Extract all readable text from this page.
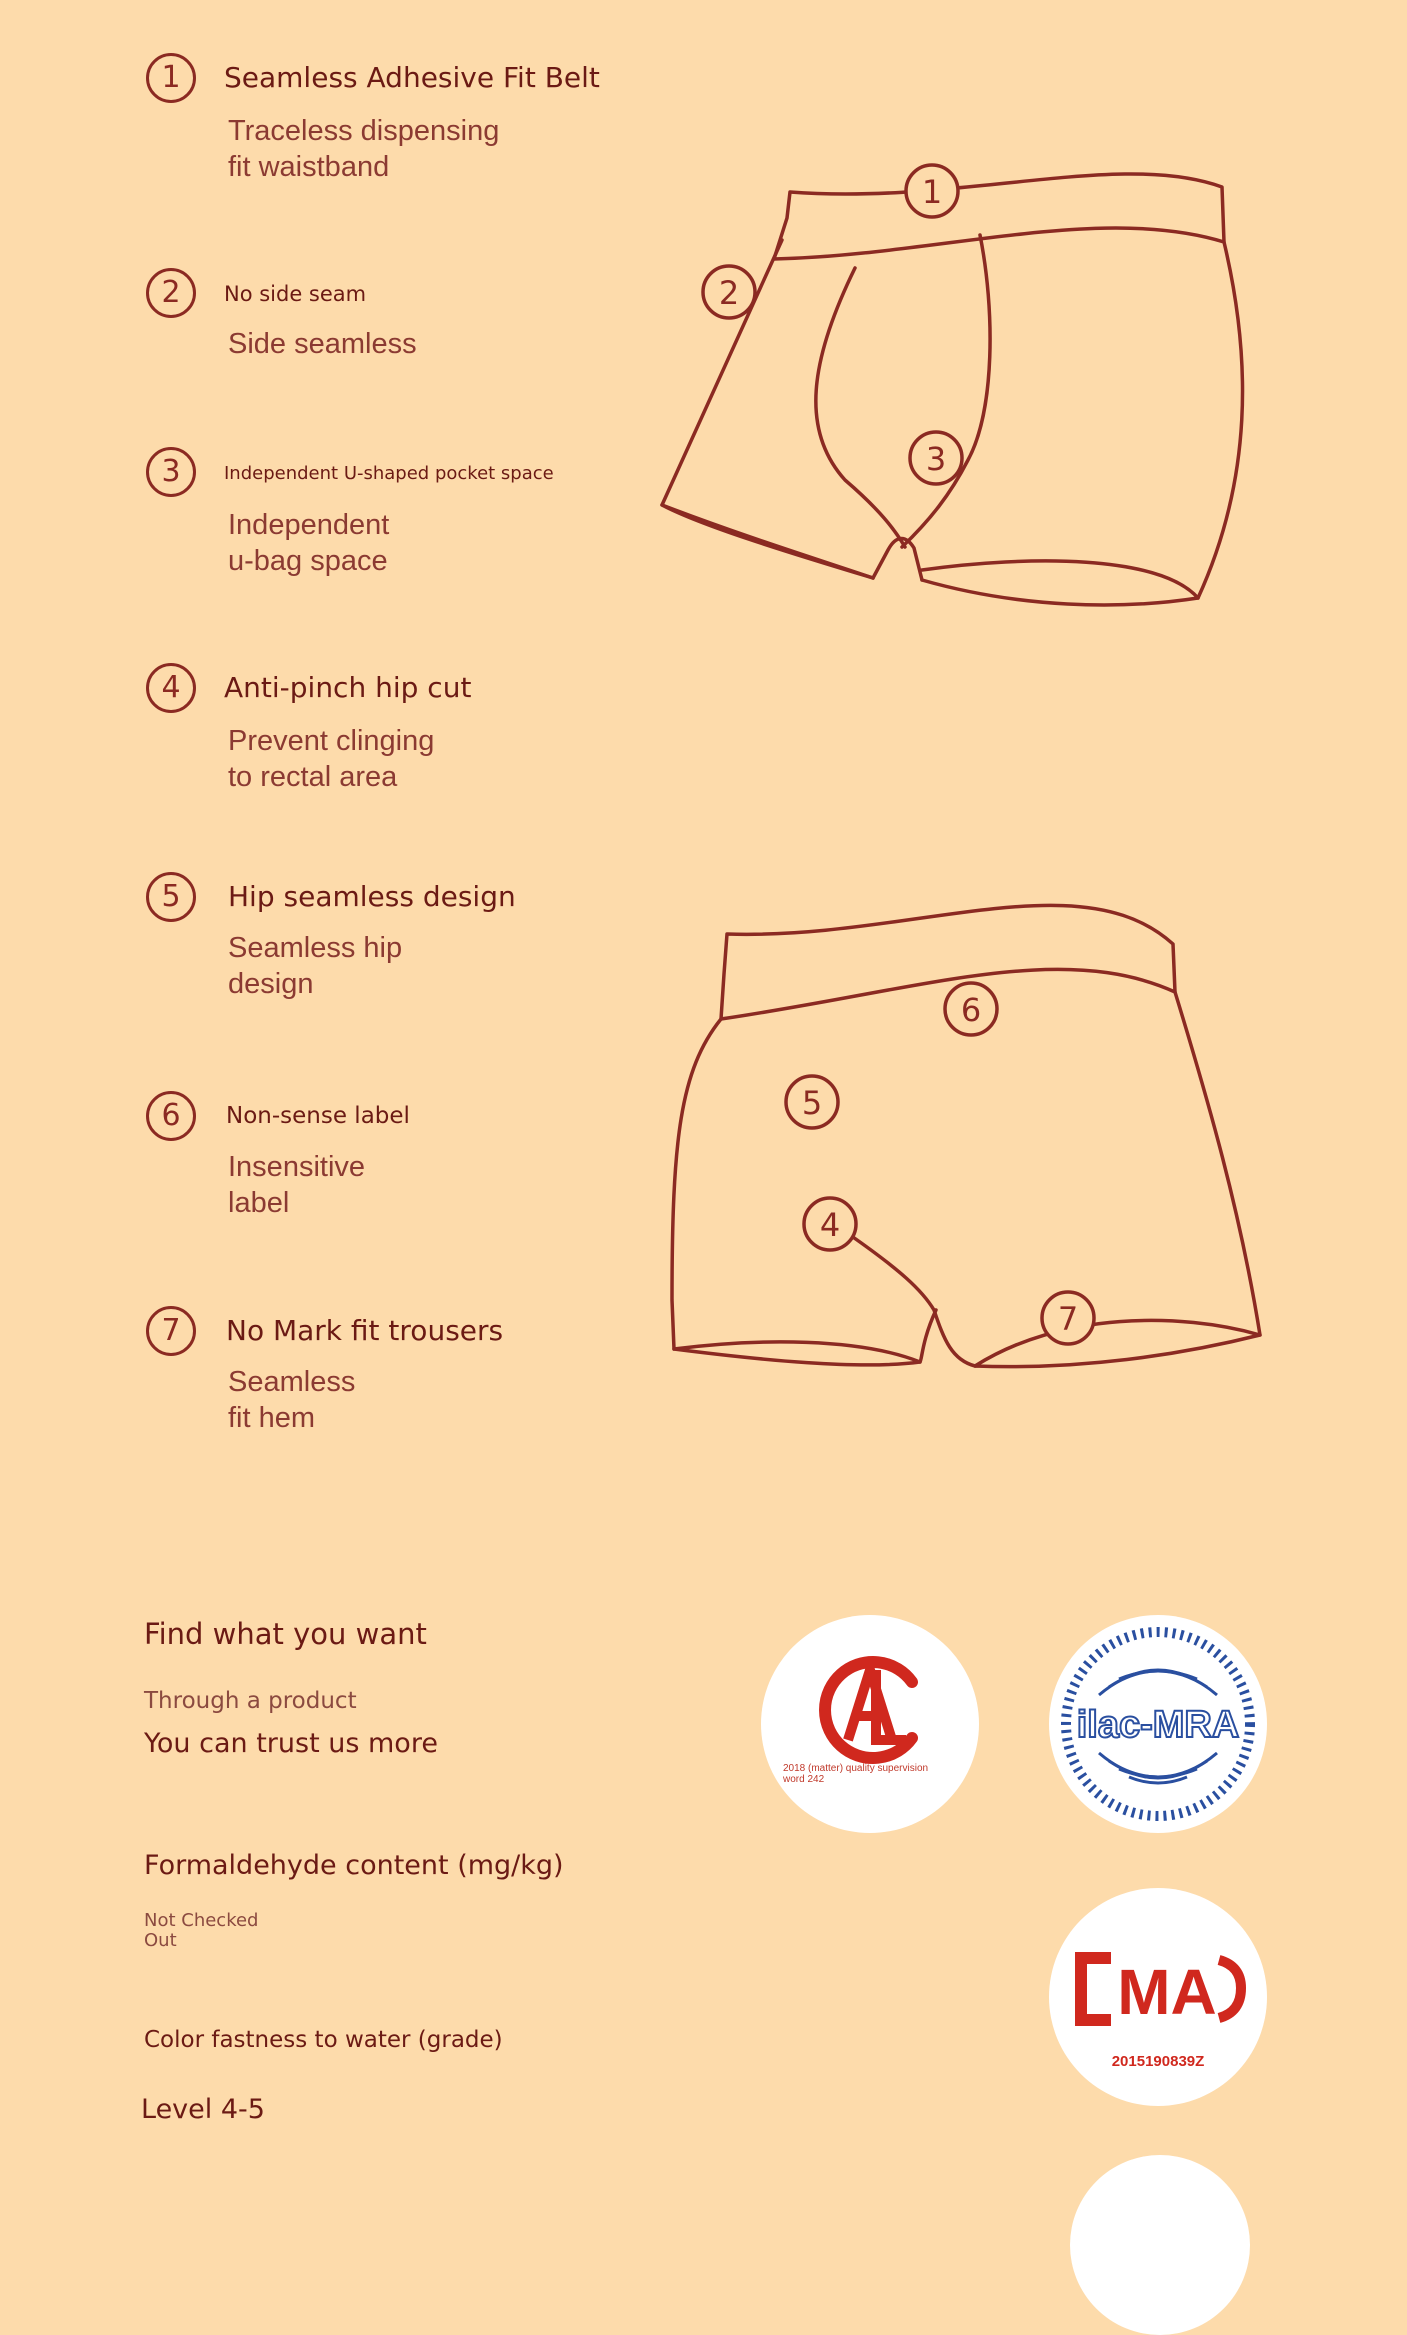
1	Seamless Adhesive Fit Belt
Traceless dispensing
fit waistband
2	No side seam
Side seamless
3	Independent U-shaped pocket space
Independent
u-bag space
4	Anti-pinch hip cut
Prevent clinging
to rectal area
5	Hip seamless design
Seamless hip
design
6	Non-sense label
Insensitive
label
7	No Mark fit trousers
Seamless
fit hem
1
2
3
6
5
4
7
Find what you want
Through a product
You can trust us more
Formaldehyde content (mg/kg)
Not Checked
Out
Color fastness to water (grade)
Level 4-5
2018 (matter) quality supervision
word 242
ilac-MRA
MA
2015190839Z
